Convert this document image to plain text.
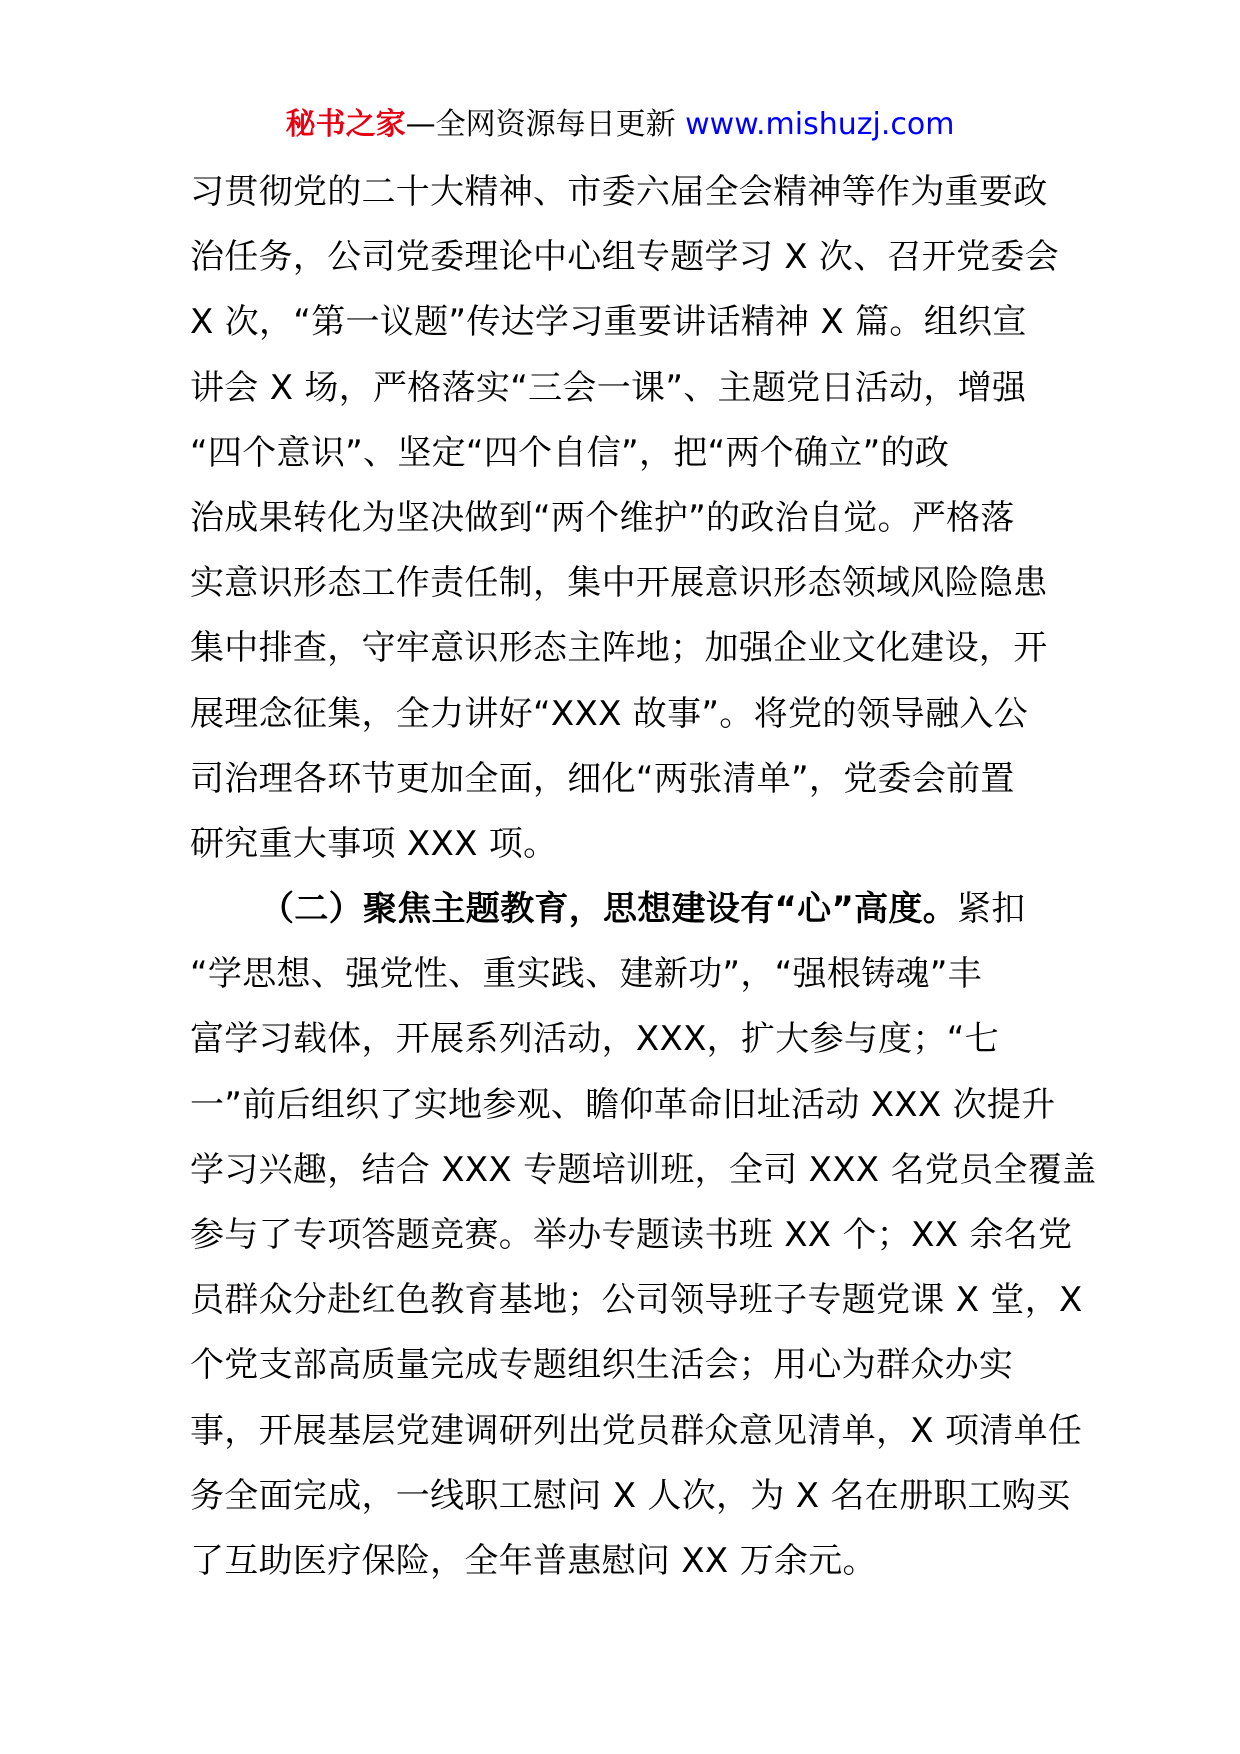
秘书之家—全网资源每日更新 www.mishuzj.com
习贯彻党的二十大精神、市委六届全会精神等作为重要政
治任务，公司党委理论中心组专题学习 X 次、召开党委会
X 次，“第一议题”传达学习重要讲话精神 X 篇。组织宣
讲会 X 场，严格落实“三会一课”、主题党日活动，增强
“四个意识”、坚定“四个自信”，把“两个确立”的政
治成果转化为坚决做到“两个维护”的政治自觉。严格落
实意识形态工作责任制，集中开展意识形态领域风险隐患
集中排查，守牢意识形态主阵地；加强企业文化建设，开
展理念征集，全力讲好“XXX 故事”。将党的领导融入公
司治理各环节更加全面，细化“两张清单”，党委会前置
研究重大事项 XXX 项。
（二）聚焦主题教育，思想建设有“心”高度。紧扣
“学思想、强党性、重实践、建新功”，“强根铸魂”丰
富学习载体，开展系列活动，XXX，扩大参与度；“七
一”前后组织了实地参观、瞻仰革命旧址活动 XXX 次提升
学习兴趣，结合 XXX 专题培训班，全司 XXX 名党员全覆盖
参与了专项答题竞赛。举办专题读书班 XX 个；XX 余名党
员群众分赴红色教育基地；公司领导班子专题党课 X 堂，X
个党支部高质量完成专题组织生活会；用心为群众办实
事，开展基层党建调研列出党员群众意见清单，X 项清单任
务全面完成，一线职工慰问 X 人次，为 X 名在册职工购买
了互助医疗保险，全年普惠慰问 XX 万余元。
